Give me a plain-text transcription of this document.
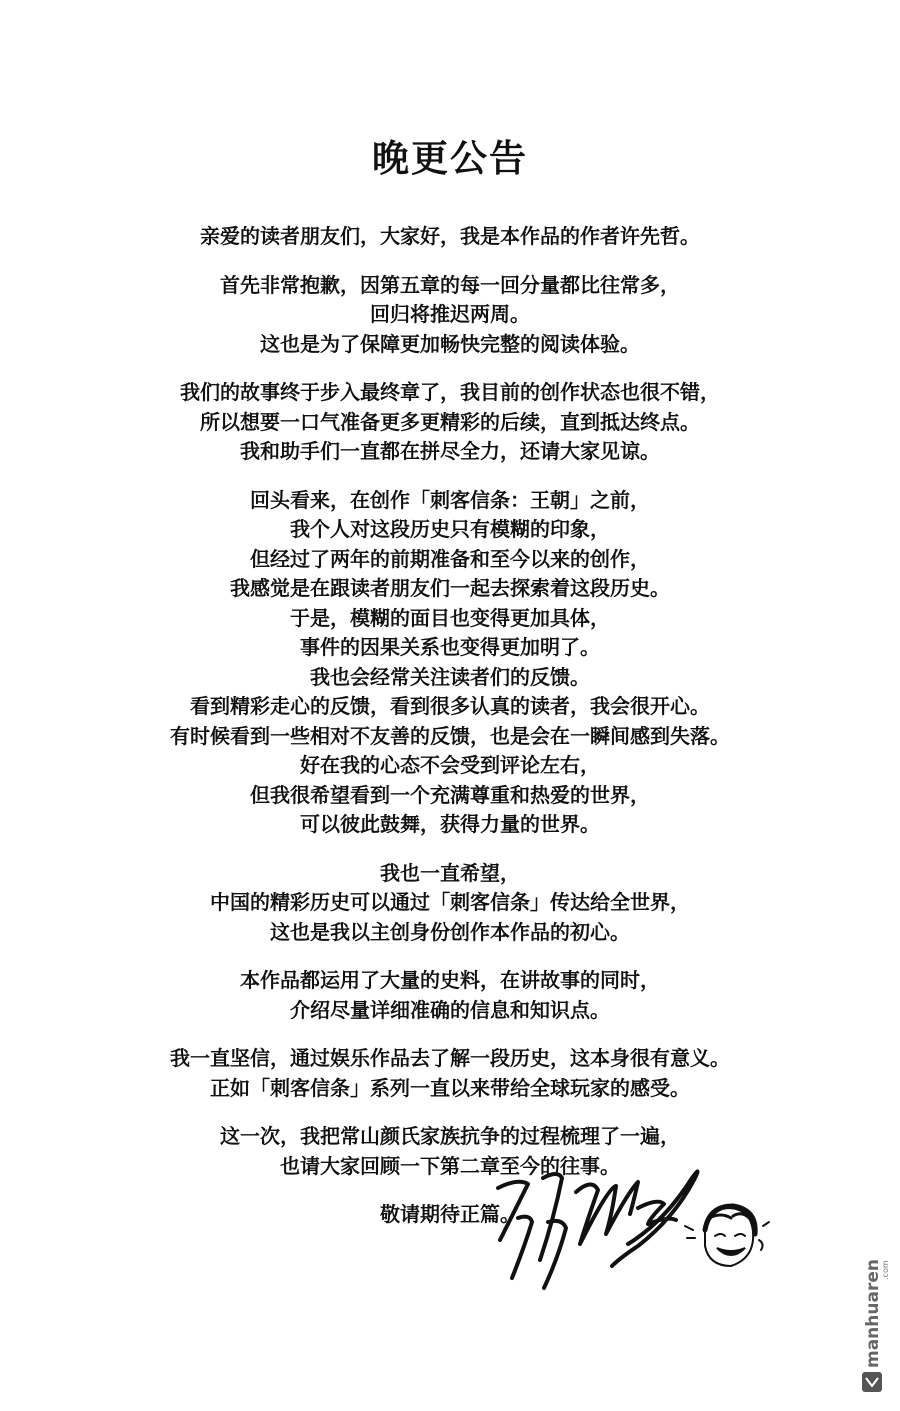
晚更公告

亲爱的读者朋友们，大家好，我是本作品的作者许先哲。

首先非常抱歉，因第五章的每一回分量都比往常多，
回归将推迟两周。
这也是为了保障更加畅快完整的阅读体验。

我们的故事终于步入最终章了，我目前的创作状态也很不错，
所以想要一口气准备更多更精彩的后续，直到抵达终点。
我和助手们一直都在拼尽全力，还请大家见谅。

回头看来，在创作「刺客信条：王朝」之前，
我个人对这段历史只有模糊的印象，
但经过了两年的前期准备和至今以来的创作，
我感觉是在跟读者朋友们一起去探索着这段历史。
于是，模糊的面目也变得更加具体，
事件的因果关系也变得更加明了。
我也会经常关注读者们的反馈。
看到精彩走心的反馈，看到很多认真的读者，我会很开心。
有时候看到一些相对不友善的反馈，也是会在一瞬间感到失落。
好在我的心态不会受到评论左右，
但我很希望看到一个充满尊重和热爱的世界，
可以彼此鼓舞，获得力量的世界。

我也一直希望，
中国的精彩历史可以通过「刺客信条」传达给全世界，
这也是我以主创身份创作本作品的初心。

本作品都运用了大量的史料，在讲故事的同时，
介绍尽量详细准确的信息和知识点。

我一直坚信，通过娱乐作品去了解一段历史，这本身很有意义。
正如「刺客信条」系列一直以来带给全球玩家的感受。

这一次，我把常山颜氏家族抗争的过程梳理了一遍，
也请大家回顾一下第二章至今的往事。

敬请期待正篇。

manhuaren
.com
